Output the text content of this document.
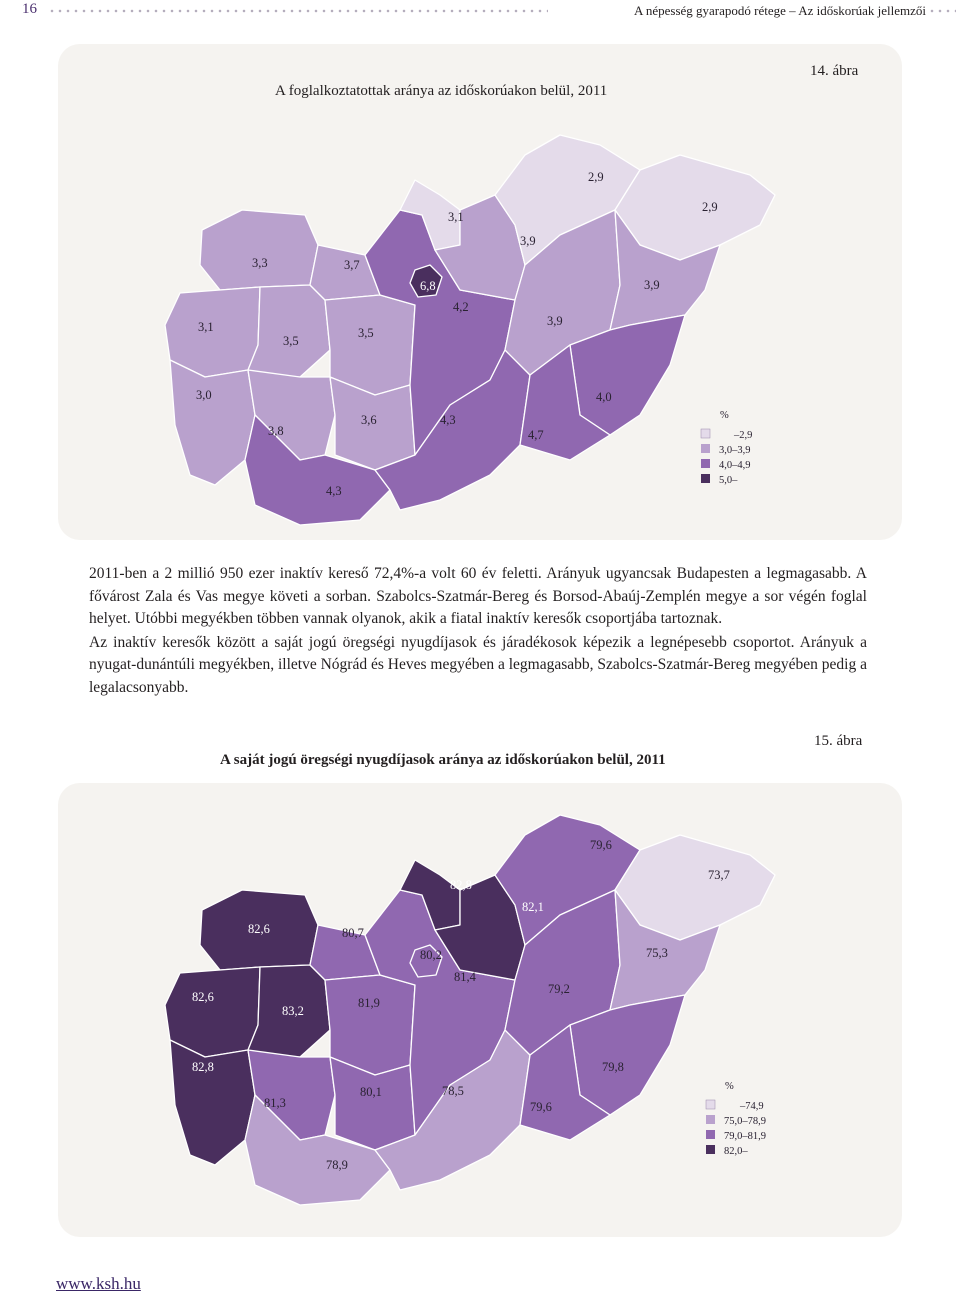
16	A népesség gyarapodó rétege – Az időskorúak jellemzői
14. ábra
A foglalkoztatottak aránya az időskorúakon belül, 2011
2,9
2,9
3,1
3,9
3,3	3,7
6,8
4,2
3,9
3,9
3,1
3,5
3,5
3,0	4,0
3,8
3,6	4,3
4,7
4,3
%
–2,9
3,0–3,9
4,0–4,9
5,0–

2011-ben a 2 millió 950 ezer inaktív kereső 72,4%-a volt 60 év feletti. Arányuk ugyancsak Budapesten a legmagasabb. A fővárost Zala és Vas megye követi a sorban. Szabolcs-Szatmár-Bereg és Borsod-Abaúj-Zemplén megye a sor végén foglal helyet. Utóbbi megyékben többen vannak olyanok, akik a fiatal inaktív keresők csoportjába tartoznak.

Az inaktív keresők között a saját jogú öregségi nyugdíjasok és járadékosok képezik a legnépesebb csoportot. Arányuk a nyugat-dunántúli megyékben, illetve Nógrád és Heves megyében a legmagasabb, Szabolcs-Szatmár-Bereg megyében pedig a legalacsonyabb.

15. ábra
A saját jogú öregségi nyugdíjasok aránya az időskorúakon belül, 2011
79,6
82,8
73,7
82,1
82,6	80,7
80,2	75,3
81,4
79,2
82,6
83,2
81,9
82,8	79,8
81,3
80,1	78,5
79,6
78,9
%
–74,9
75,0–78,9
79,0–81,9
82,0–
www.ksh.hu
